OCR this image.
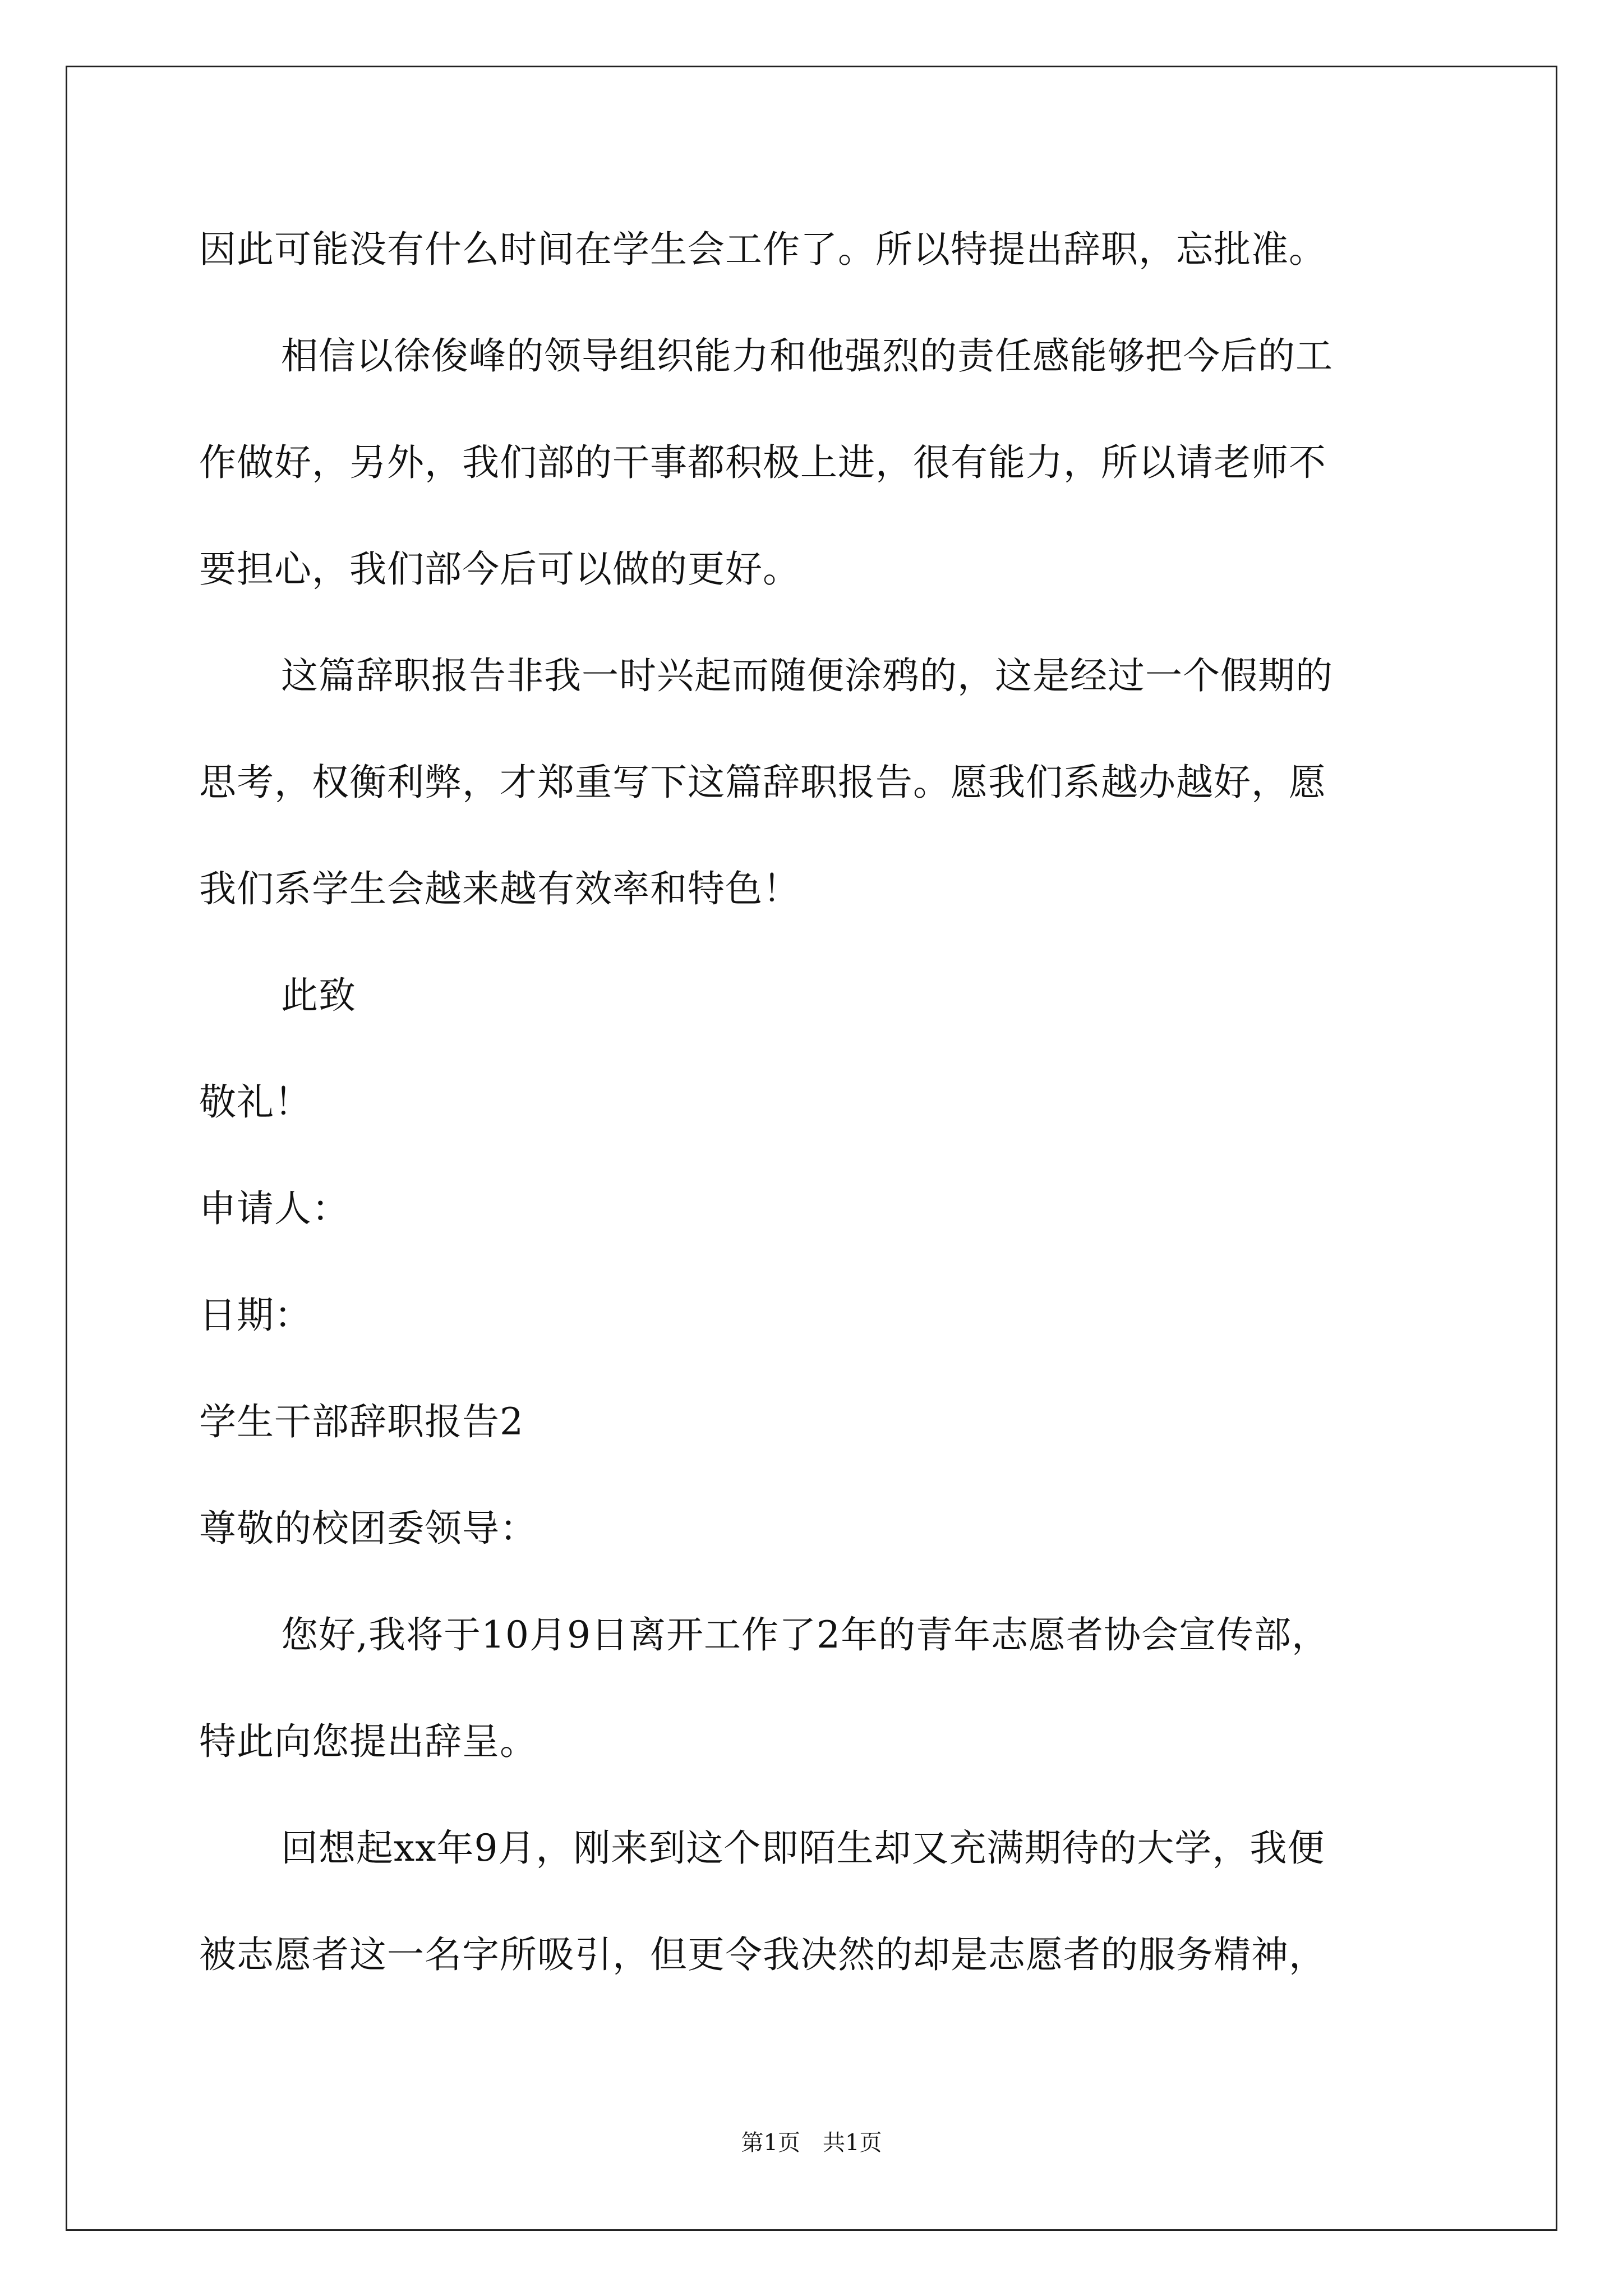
因此可能没有什么时间在学生会工作了。所以特提出辞职，忘批准。
相信以徐俊峰的领导组织能力和他强烈的责任感能够把今后的工
作做好，另外，我们部的干事都积极上进，很有能力，所以请老师不
要担心，我们部今后可以做的更好。
这篇辞职报告非我一时兴起而随便涂鸦的，这是经过一个假期的
思考，权衡利弊，才郑重写下这篇辞职报告。愿我们系越办越好，愿
我们系学生会越来越有效率和特色！
此致
敬礼！
申请人：
日期：
学生干部辞职报告2
尊敬的校团委领导：
您好,我将于10月9日离开工作了2年的青年志愿者协会宣传部，
特此向您提出辞呈。
回想起xx年9月，刚来到这个即陌生却又充满期待的大学，我便
被志愿者这一名字所吸引，但更令我决然的却是志愿者的服务精神，
第1页　共1页
